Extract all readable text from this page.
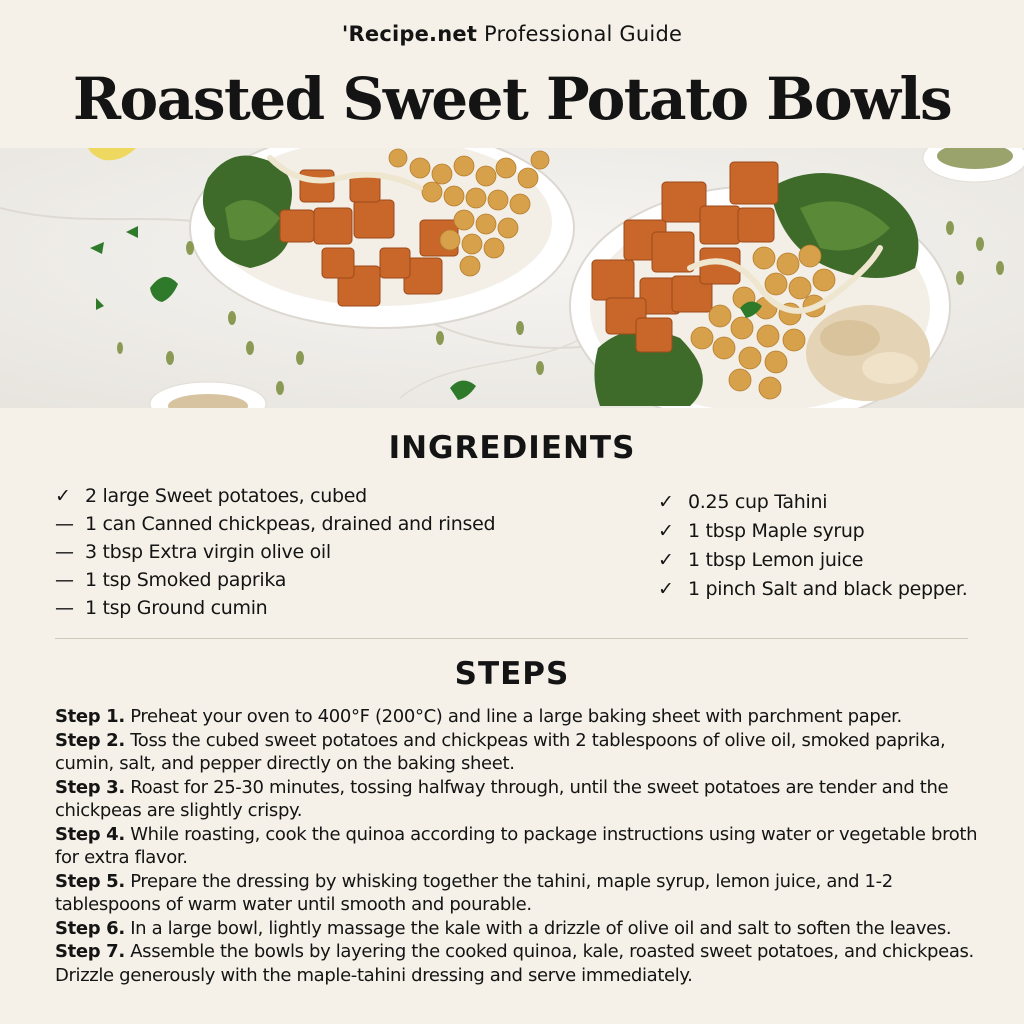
'Recipe.net Professional Guide
Roasted Sweet Potato Bowls
INGREDIENTS
✓ 2 large Sweet potatoes, cubed
— 1 can Canned chickpeas, drained and rinsed
— 3 tbsp Extra virgin olive oil
— 1 tsp Smoked paprika
— 1 tsp Ground cumin
✓ 0.25 cup Tahini
✓ 1 tbsp Maple syrup
✓ 1 tbsp Lemon juice
✓ 1 pinch Salt and black pepper.
STEPS
Step 1. Preheat your oven to 400°F (200°C) and line a large baking sheet with parchment paper.
Step 2. Toss the cubed sweet potatoes and chickpeas with 2 tablespoons of olive oil, smoked paprika, cumin, salt, and pepper directly on the baking sheet.
Step 3. Roast for 25-30 minutes, tossing halfway through, until the sweet potatoes are tender and the chickpeas are slightly crispy.
Step 4. While roasting, cook the quinoa according to package instructions using water or vegetable broth for extra flavor.
Step 5. Prepare the dressing by whisking together the tahini, maple syrup, lemon juice, and 1-2 tablespoons of warm water until smooth and pourable.
Step 6. In a large bowl, lightly massage the kale with a drizzle of olive oil and salt to soften the leaves.
Step 7. Assemble the bowls by layering the cooked quinoa, kale, roasted sweet potatoes, and chickpeas. Drizzle generously with the maple-tahini dressing and serve immediately.
